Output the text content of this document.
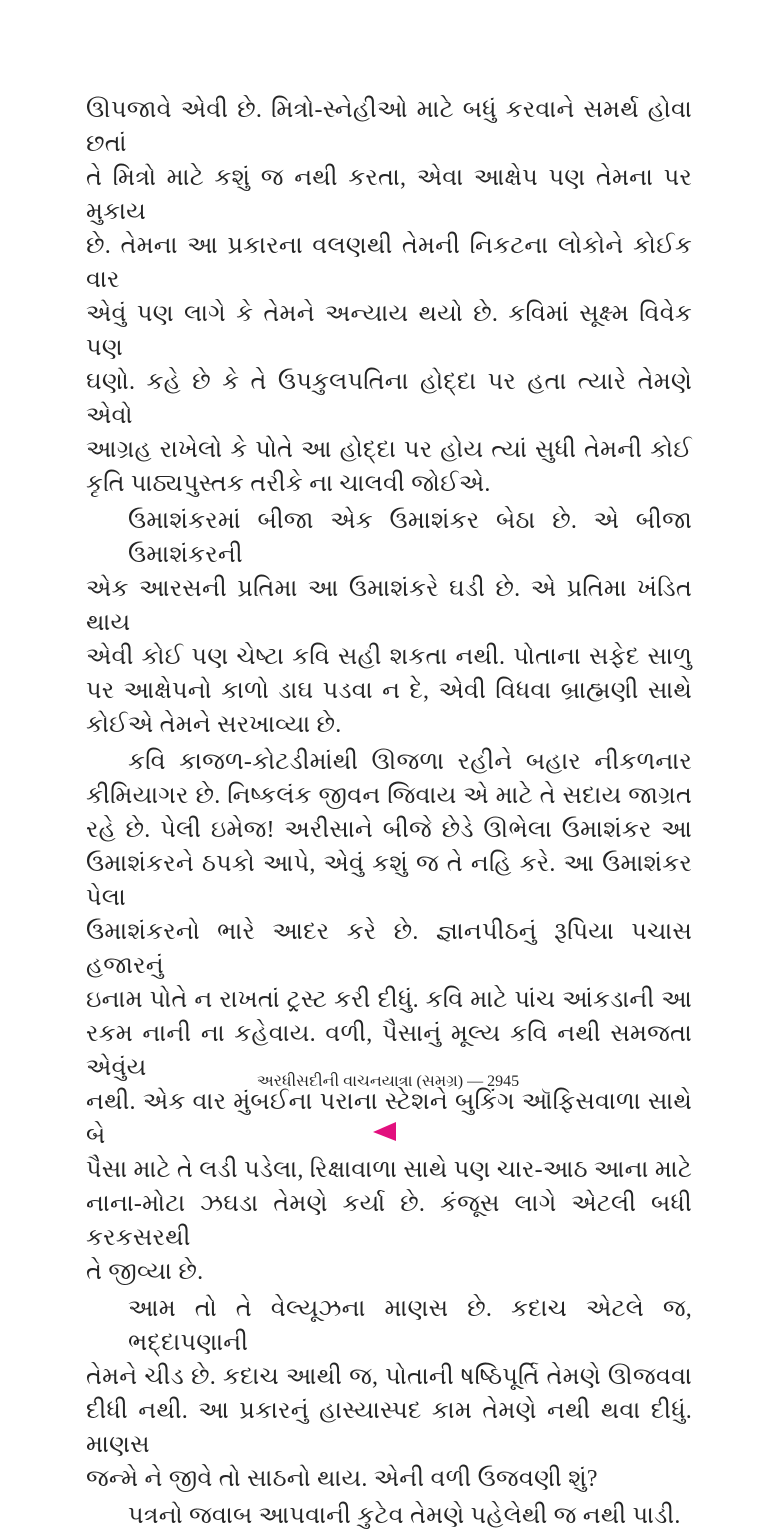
ઊપજાવે એવી છે. મિત્રો-સ્નેહીઓ માટે બધું કરવાને સમર્થ હોવા છતાં
તે મિત્રો માટે કશું જ નથી કરતા, એવા આક્ષેપ પણ તેમના પર મુકાય
છે. તેમના આ પ્રકારના વલણથી તેમની નિકટના લોકોને કોઈક વાર
એવું પણ લાગે કે તેમને અન્યાય થયો છે. કવિમાં સૂક્ષ્મ વિવેક પણ
ઘણો. કહે છે કે તે ઉપકુલપતિના હોદ્દા પર હતા ત્યારે તેમણે એવો
આગ્રહ રાખેલો કે પોતે આ હોદ્દા પર હોય ત્યાં સુધી તેમની કોઈ
કૃતિ પાઠ્યપુસ્તક તરીકે ના ચાલવી જોઈએ.
ઉમાશંકરમાં બીજા એક ઉમાશંકર બેઠા છે. એ બીજા ઉમાશંકરની
એક આરસની પ્રતિમા આ ઉમાશંકરે ઘડી છે. એ પ્રતિમા ખંડિત થાય
એવી કોઈ પણ ચેષ્ટા કવિ સહી શકતા નથી. પોતાના સફેદ સાળુ
પર આક્ષેપનો કાળો ડાઘ પડવા ન દે, એવી વિધવા બ્રાહ્મણી સાથે
કોઈએ તેમને સરખાવ્યા છે.
કવિ કાજળ-કોટડીમાંથી ઊજળા રહીને બહાર નીકળનાર
કીમિયાગર છે. નિષ્કલંક જીવન જિવાય એ માટે તે સદાય જાગ્રત
રહે છે. પેલી ઇમેજ! અરીસાને બીજે છેડે ઊભેલા ઉમાશંકર આ
ઉમાશંકરને ઠપકો આપે, એવું કશું જ તે નહિ કરે. આ ઉમાશંકર પેલા
ઉમાશંકરનો ભારે આદર કરે છે. જ્ઞાનપીઠનું રૂપિયા પચાસ હજારનું
ઇનામ પોતે ન રાખતાં ટ્રસ્ટ કરી દીધું. કવિ માટે પાંચ આંકડાની આ
રકમ નાની ના કહેવાય. વળી, પૈસાનું મૂલ્ય કવિ નથી સમજતા એવુંય
નથી. એક વાર મુંબઈના પરાના સ્ટેશને બુકિંગ ઑફિસવાળા સાથે બે
પૈસા માટે તે લડી પડેલા, રિક્ષાવાળા સાથે પણ ચાર-આઠ આના માટે
નાના-મોટા ઝઘડા તેમણે કર્યા છે. કંજૂસ લાગે એટલી બધી કરકસરથી
તે જીવ્યા છે.
આમ તો તે વેલ્યૂઝના માણસ છે. કદાચ એટલે જ, ભદ્દાપણાની
તેમને ચીડ છે. કદાચ આથી જ, પોતાની ષષ્ઠિપૂર્તિ તેમણે ઊજવવા
દીધી નથી. આ પ્રકારનું હાસ્યાસ્પદ કામ તેમણે નથી થવા દીધું. માણસ
જન્મે ને જીવે તો સાઠનો થાય. એની વળી ઉજવણી શું?
પત્રનો જવાબ આપવાની કુટેવ તેમણે પહેલેથી જ નથી પાડી.
અરધીસદીની વાચનયાત્રા (સમગ્ર) — 2945
